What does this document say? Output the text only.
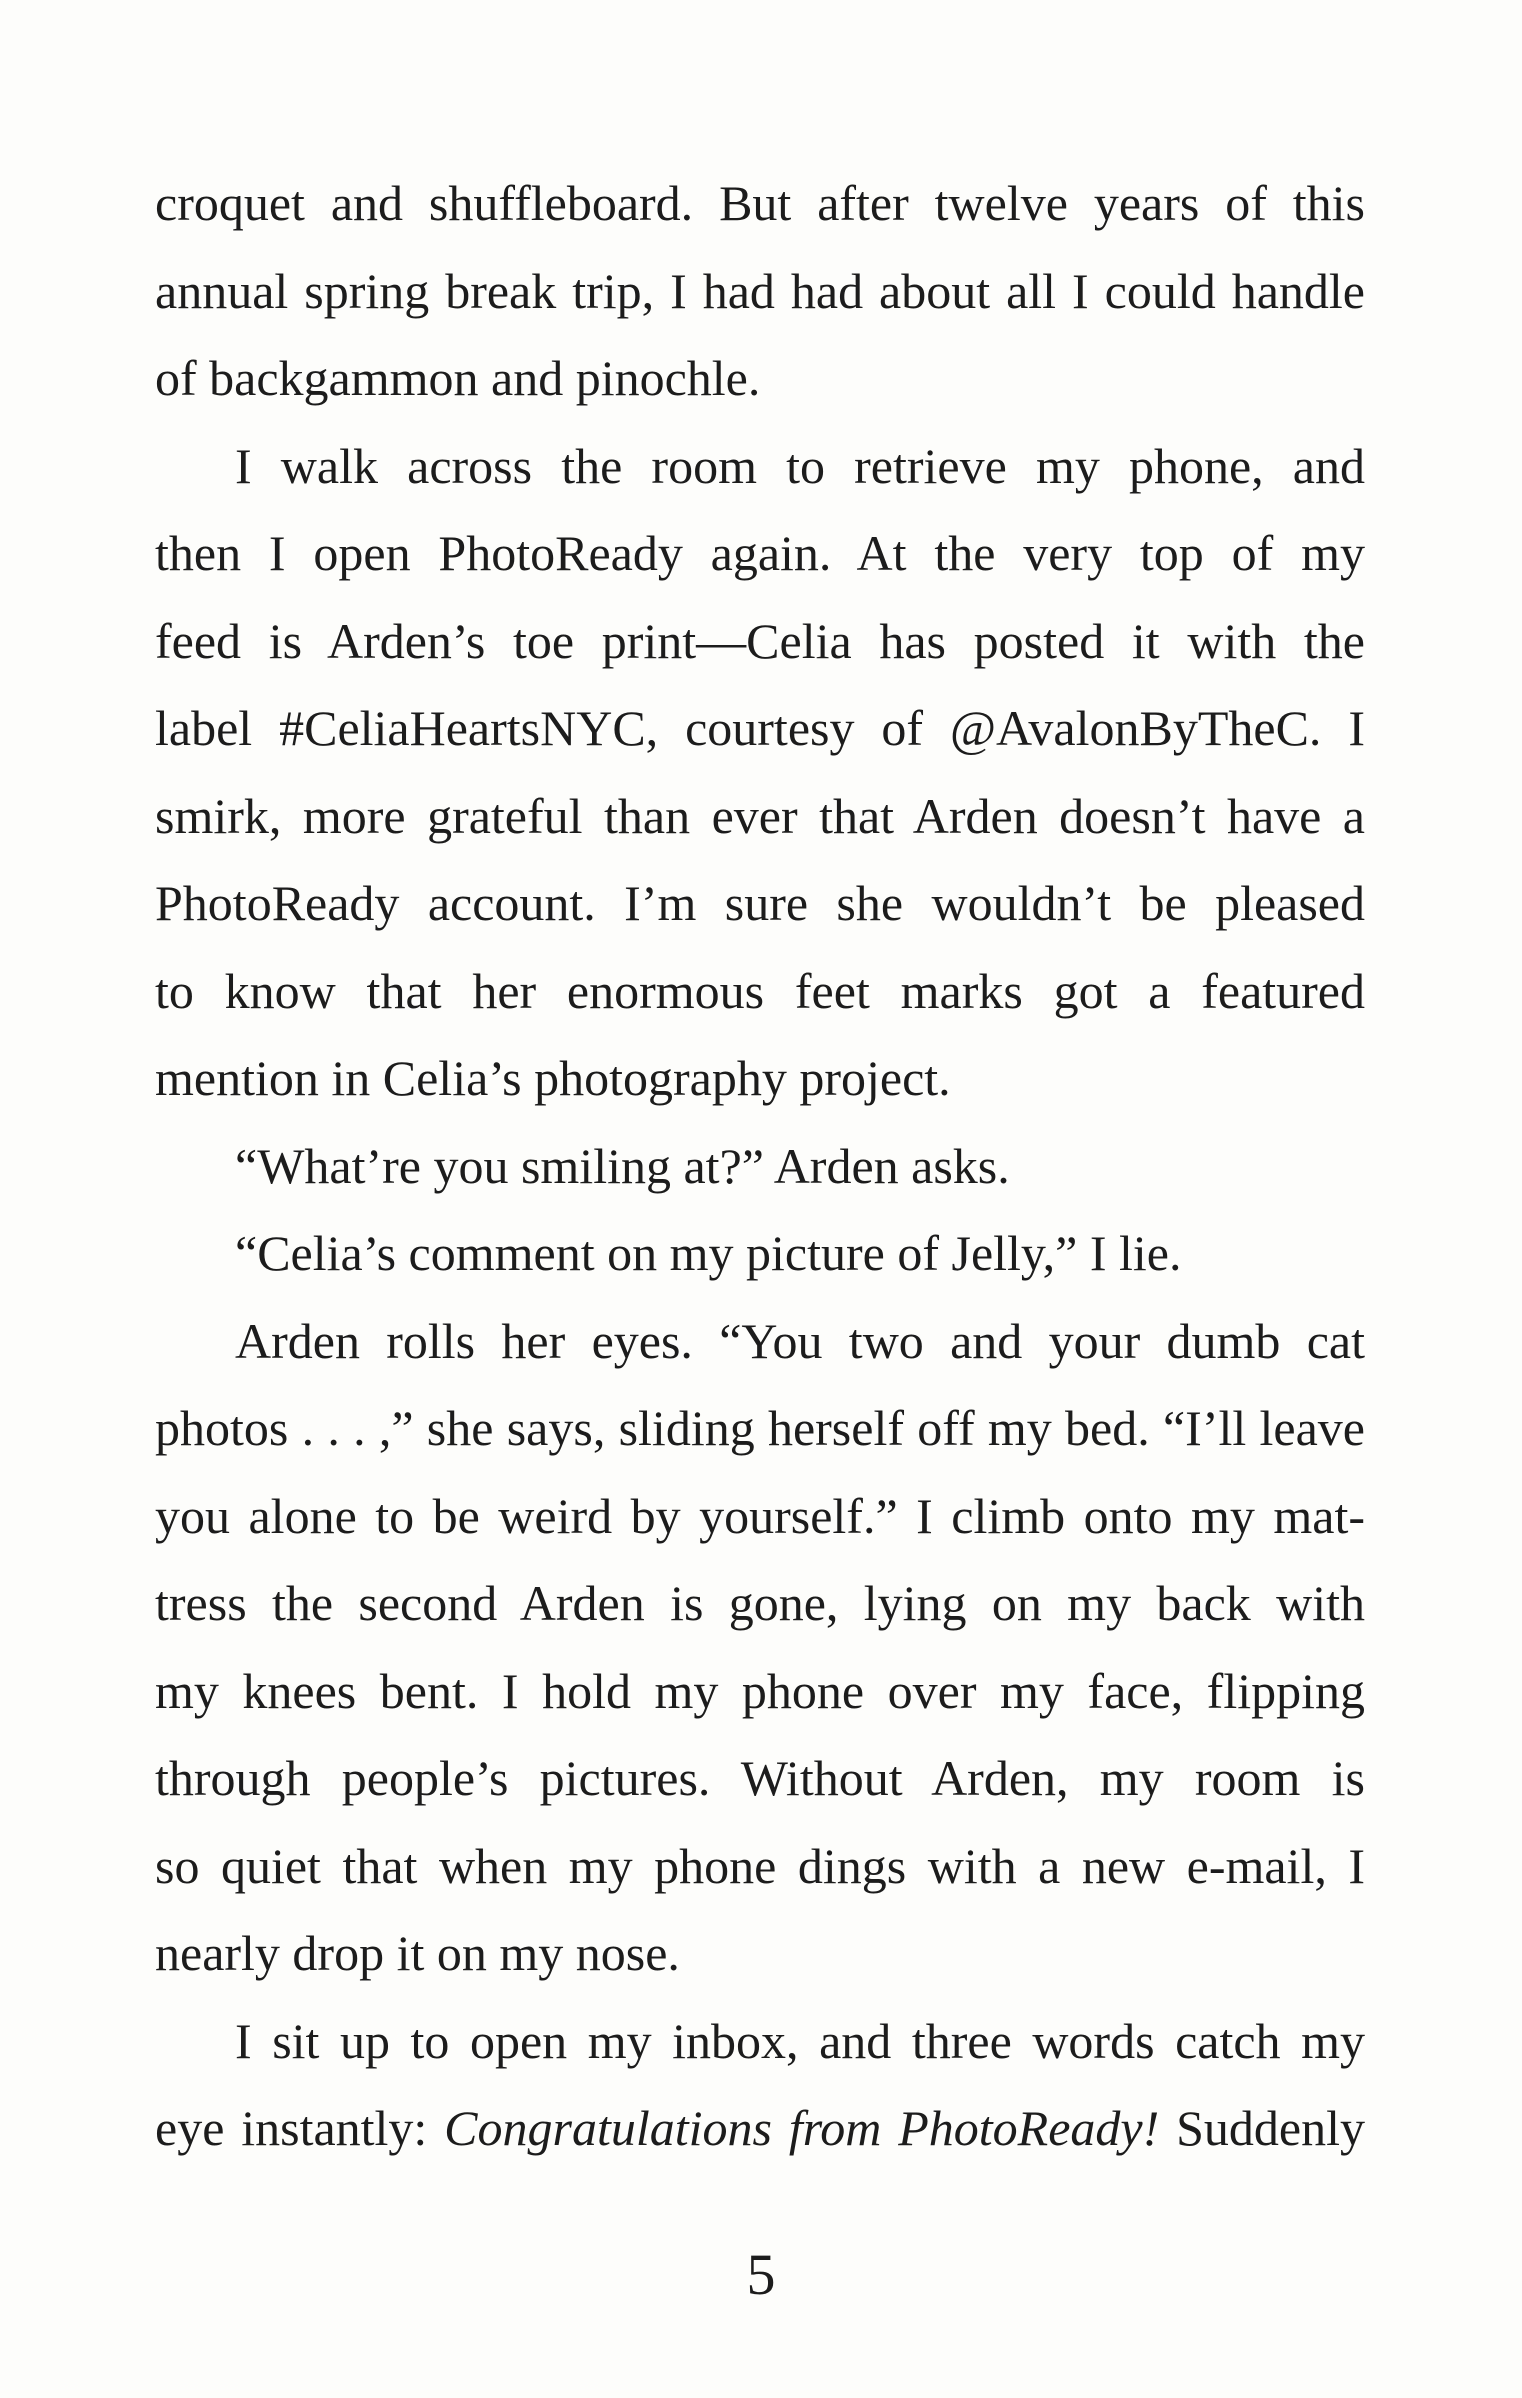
croquet and shuffleboard. But after twelve years of this
annual spring break trip, I had had about all I could handle
of backgammon and pinochle.
I walk across the room to retrieve my phone, and
then I open PhotoReady again. At the very top of my
feed is Arden’s toe print—Celia has posted it with the
label #CeliaHeartsNYC, courtesy of @AvalonByTheC. I
smirk, more grateful than ever that Arden doesn’t have a
PhotoReady account. I’m sure she wouldn’t be pleased
to know that her enormous feet marks got a featured
mention in Celia’s photography project.
“What’re you smiling at?” Arden asks.
“Celia’s comment on my picture of Jelly,” I lie.
Arden rolls her eyes. “You two and your dumb cat
photos . . . ,” she says, sliding herself off my bed. “I’ll leave
you alone to be weird by yourself.” I climb onto my mat-
tress the second Arden is gone, lying on my back with
my knees bent. I hold my phone over my face, flipping
through people’s pictures. Without Arden, my room is
so quiet that when my phone dings with a new e-mail, I
nearly drop it on my nose.
I sit up to open my inbox, and three words catch my
eye instantly: Congratulations from PhotoReady! Suddenly
5
